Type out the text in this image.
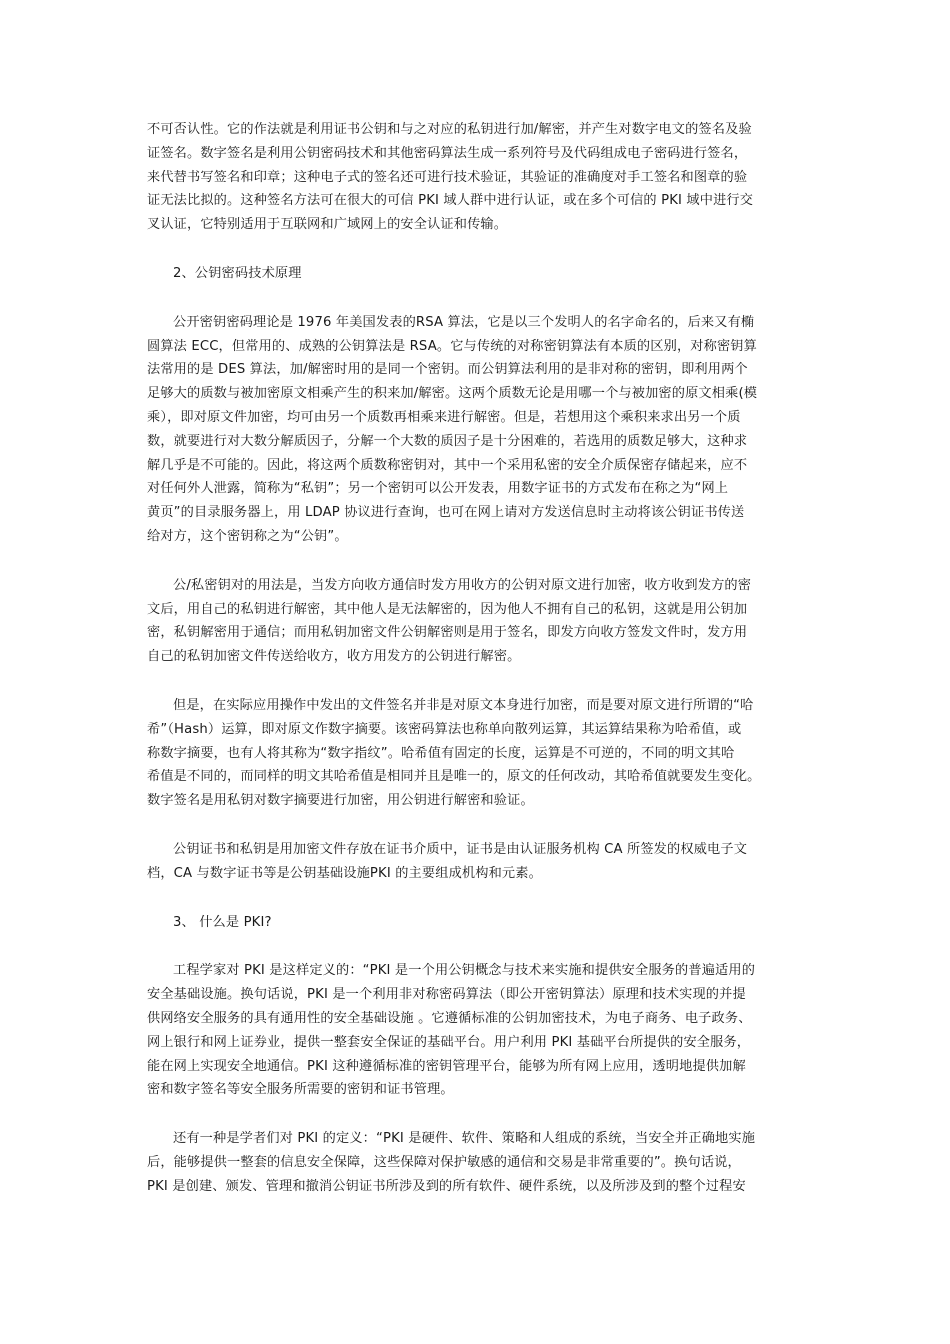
不可否认性。它的作法就是利用证书公钥和与之对应的私钥进行加/解密，并产生对数字电文的签名及验
证签名。数字签名是利用公钥密码技术和其他密码算法生成一系列符号及代码组成电子密码进行签名，
来代替书写签名和印章；这种电子式的签名还可进行技术验证，其验证的准确度对手工签名和图章的验
证无法比拟的。这种签名方法可在很大的可信 PKI 域人群中进行认证，或在多个可信的 PKI 域中进行交
叉认证，它特别适用于互联网和广域网上的安全认证和传输。
2、公钥密码技术原理
公开密钥密码理论是 1976 年美国发表的RSA 算法，它是以三个发明人的名字命名的，后来又有椭
圆算法 ECC，但常用的、成熟的公钥算法是 RSA。它与传统的对称密钥算法有本质的区别，对称密钥算
法常用的是 DES 算法，加/解密时用的是同一个密钥。而公钥算法利用的是非对称的密钥，即利用两个
足够大的质数与被加密原文相乘产生的积来加/解密。这两个质数无论是用哪一个与被加密的原文相乘(模
乘），即对原文件加密，均可由另一个质数再相乘来进行解密。但是，若想用这个乘积来求出另一个质
数，就要进行对大数分解质因子，分解一个大数的质因子是十分困难的，若选用的质数足够大，这种求
解几乎是不可能的。因此，将这两个质数称密钥对，其中一个采用私密的安全介质保密存储起来，应不
对任何外人泄露，简称为“私钥”；另一个密钥可以公开发表，用数字证书的方式发布在称之为“网上
黄页”的目录服务器上，用 LDAP 协议进行查询，也可在网上请对方发送信息时主动将该公钥证书传送
给对方，这个密钥称之为“公钥”。
公/私密钥对的用法是，当发方向收方通信时发方用收方的公钥对原文进行加密，收方收到发方的密
文后，用自己的私钥进行解密，其中他人是无法解密的，因为他人不拥有自己的私钥，这就是用公钥加
密，私钥解密用于通信；而用私钥加密文件公钥解密则是用于签名，即发方向收方签发文件时，发方用
自己的私钥加密文件传送给收方，收方用发方的公钥进行解密。
但是，在实际应用操作中发出的文件签名并非是对原文本身进行加密，而是要对原文进行所谓的“哈
希”（Hash）运算，即对原文作数字摘要。该密码算法也称单向散列运算，其运算结果称为哈希值，或
称数字摘要，也有人将其称为“数字指纹”。哈希值有固定的长度，运算是不可逆的，不同的明文其哈
希值是不同的，而同样的明文其哈希值是相同并且是唯一的，原文的任何改动，其哈希值就要发生变化。
数字签名是用私钥对数字摘要进行加密，用公钥进行解密和验证。
公钥证书和私钥是用加密文件存放在证书介质中，证书是由认证服务机构 CA 所签发的权威电子文
档，CA 与数字证书等是公钥基础设施PKI 的主要组成机构和元素。
3、 什么是 PKI?
工程学家对 PKI 是这样定义的：“PKI 是一个用公钥概念与技术来实施和提供安全服务的普遍适用的
安全基础设施。换句话说，PKI 是一个利用非对称密码算法（即公开密钥算法）原理和技术实现的并提
供网络安全服务的具有通用性的安全基础设施 。它遵循标准的公钥加密技术，为电子商务、电子政务、
网上银行和网上证券业，提供一整套安全保证的基础平台。用户利用 PKI 基础平台所提供的安全服务，
能在网上实现安全地通信。PKI 这种遵循标准的密钥管理平台，能够为所有网上应用，透明地提供加解
密和数字签名等安全服务所需要的密钥和证书管理。
还有一种是学者们对 PKI 的定义：“PKI 是硬件、软件、策略和人组成的系统，当安全并正确地实施
后，能够提供一整套的信息安全保障，这些保障对保护敏感的通信和交易是非常重要的”。换句话说，
PKI 是创建、颁发、管理和撤消公钥证书所涉及到的所有软件、硬件系统，以及所涉及到的整个过程安
